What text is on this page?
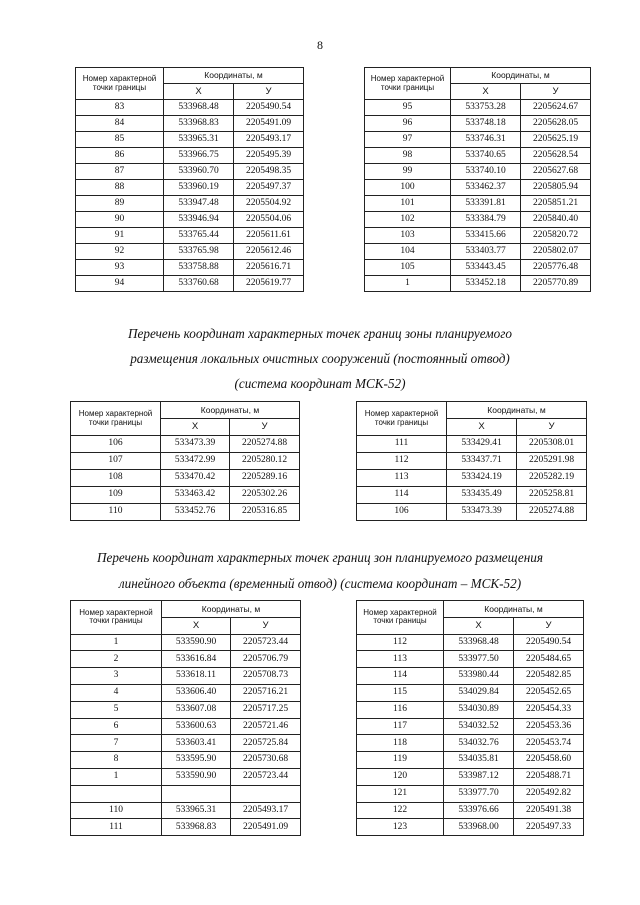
8
Перечень координат характерных точек границ зоны планируемого
размещения локальных очистных сооружений (постоянный отвод)
(система координат МСК-52)
Перечень координат характерных точек границ зон планируемого размещения
линейного объекта (временный отвод) (система координат – МСК-52)
Номер характерной точки границы	Координаты, м	
	X	У
83	533968.48	2205490.54
84	533968.83	2205491.09
85	533965.31	2205493.17
86	533966.75	2205495.39
87	533960.70	2205498.35
88	533960.19	2205497.37
89	533947.48	2205504.92
90	533946.94	2205504.06
91	533765.44	2205611.61
92	533765.98	2205612.46
93	533758.88	2205616.71
94	533760.68	2205619.77
Номер характерной точки границы	Координаты, м	
	X	У
95	533753.28	2205624.67
96	533748.18	2205628.05
97	533746.31	2205625.19
98	533740.65	2205628.54
99	533740.10	2205627.68
100	533462.37	2205805.94
101	533391.81	2205851.21
102	533384.79	2205840.40
103	533415.66	2205820.72
104	533403.77	2205802.07
105	533443.45	2205776.48
1	533452.18	2205770.89
Номер характерной точки границы	Координаты, м	
	X	У
106	533473.39	2205274.88
107	533472.99	2205280.12
108	533470.42	2205289.16
109	533463.42	2205302.26
110	533452.76	2205316.85
Номер характерной точки границы	Координаты, м	
	X	У
111	533429.41	2205308.01
112	533437.71	2205291.98
113	533424.19	2205282.19
114	533435.49	2205258.81
106	533473.39	2205274.88
Номер характерной точки границы	Координаты, м	
	X	У
1	533590.90	2205723.44
2	533616.84	2205706.79
3	533618.11	2205708.73
4	533606.40	2205716.21
5	533607.08	2205717.25
6	533600.63	2205721.46
7	533603.41	2205725.84
8	533595.90	2205730.68
1	533590.90	2205723.44

110	533965.31	2205493.17
111	533968.83	2205491.09
Номер характерной точки границы	Координаты, м	
	X	У
112	533968.48	2205490.54
113	533977.50	2205484.65
114	533980.44	2205482.85
115	534029.84	2205452.65
116	534030.89	2205454.33
117	534032.52	2205453.36
118	534032.76	2205453.74
119	534035.81	2205458.60
120	533987.12	2205488.71
121	533977.70	2205492.82
122	533976.66	2205491.38
123	533968.00	2205497.33
